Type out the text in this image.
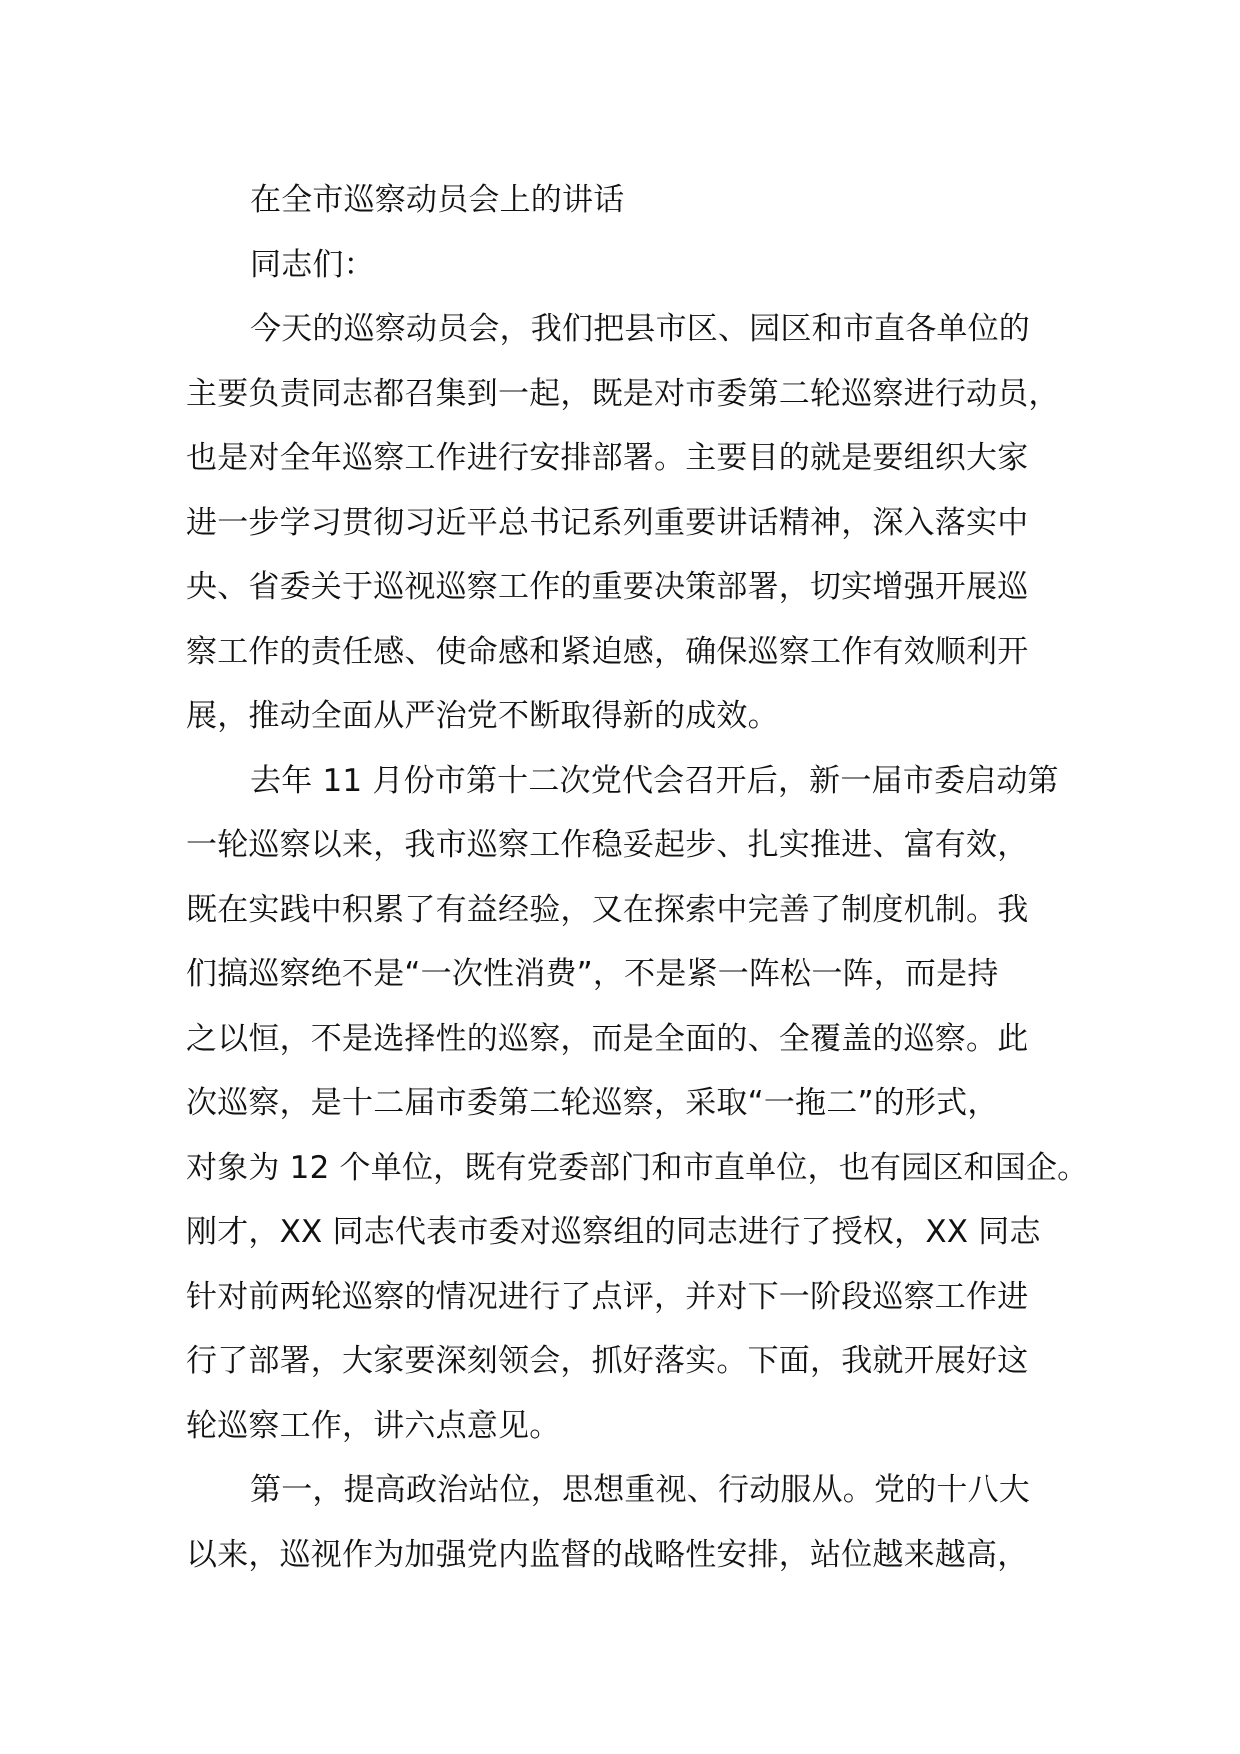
在全市巡察动员会上的讲话
同志们：
今天的巡察动员会，我们把县市区、园区和市直各单位的
主要负责同志都召集到一起，既是对市委第二轮巡察进行动员，
也是对全年巡察工作进行安排部署。主要目的就是要组织大家
进一步学习贯彻习近平总书记系列重要讲话精神，深入落实中
央、省委关于巡视巡察工作的重要决策部署，切实增强开展巡
察工作的责任感、使命感和紧迫感，确保巡察工作有效顺利开
展，推动全面从严治党不断取得新的成效。
去年 11 月份市第十二次党代会召开后，新一届市委启动第
一轮巡察以来，我市巡察工作稳妥起步、扎实推进、富有效，
既在实践中积累了有益经验，又在探索中完善了制度机制。我
们搞巡察绝不是“一次性消费”，不是紧一阵松一阵，而是持
之以恒，不是选择性的巡察，而是全面的、全覆盖的巡察。此
次巡察，是十二届市委第二轮巡察，采取“一拖二”的形式，
对象为 12 个单位，既有党委部门和市直单位，也有园区和国企。
刚才，XX 同志代表市委对巡察组的同志进行了授权，XX 同志
针对前两轮巡察的情况进行了点评，并对下一阶段巡察工作进
行了部署，大家要深刻领会，抓好落实。下面，我就开展好这
轮巡察工作，讲六点意见。
第一，提高政治站位，思想重视、行动服从。党的十八大
以来，巡视作为加强党内监督的战略性安排，站位越来越高，
